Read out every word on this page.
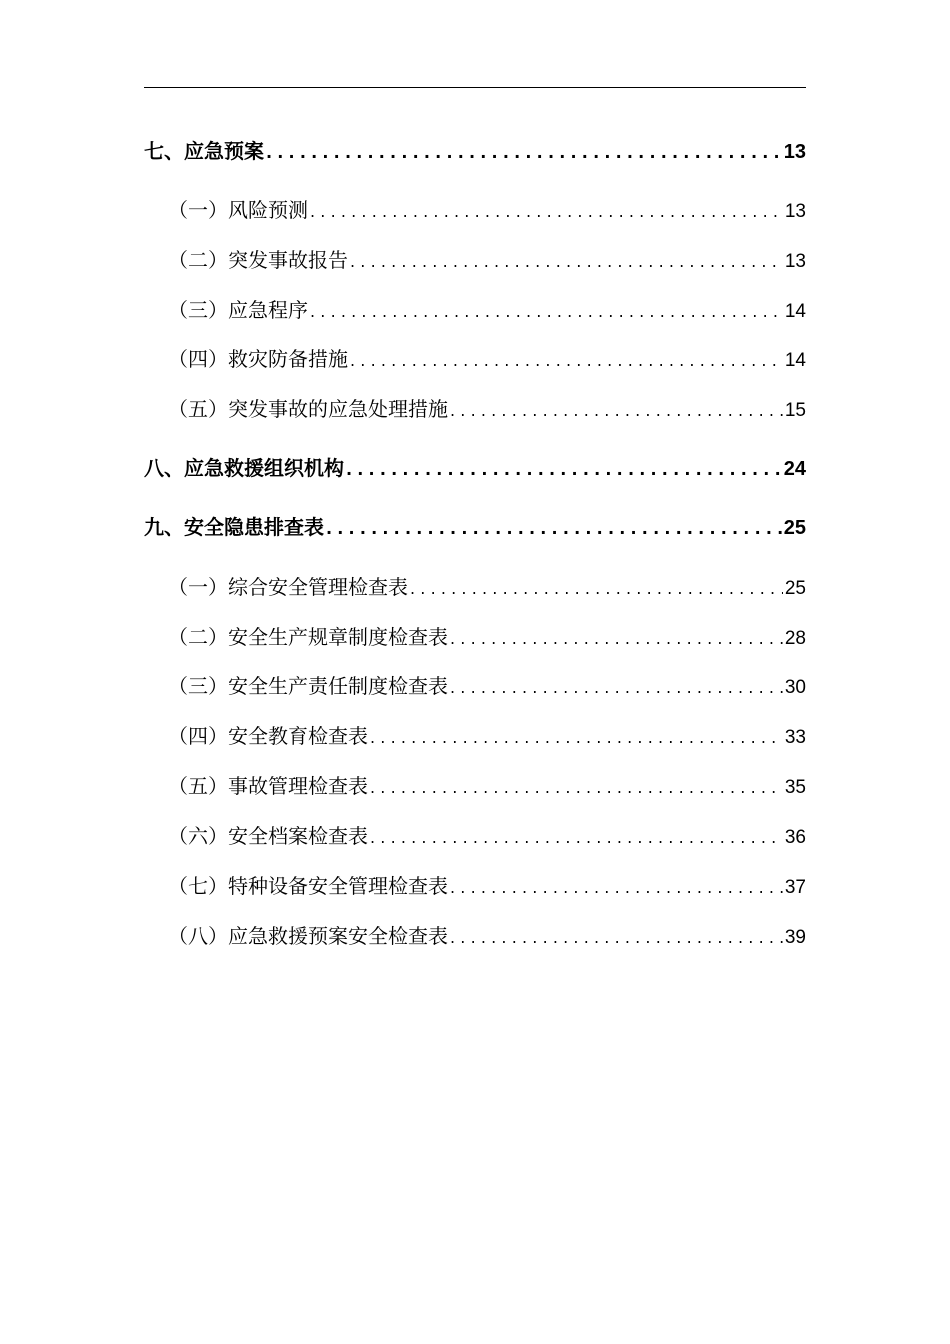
七、应急预案 .....	13
（一）风险预测 .....	13
（二）突发事故报告 .....	13
（三）应急程序 .....	14
（四）救灾防备措施 .....	14
（五）突发事故的应急处理措施 .....	15
八、应急救援组织机构 .....	24
九、安全隐患排查表 .....	25
（一）综合安全管理检查表 .....	25
（二）安全生产规章制度检查表 .....	28
（三）安全生产责任制度检查表 .....	30
（四）安全教育检查表 .....	33
（五）事故管理检查表 .....	35
（六）安全档案检查表 .....	36
（七）特种设备安全管理检查表 .....	37
（八）应急救援预案安全检查表 .....	39
